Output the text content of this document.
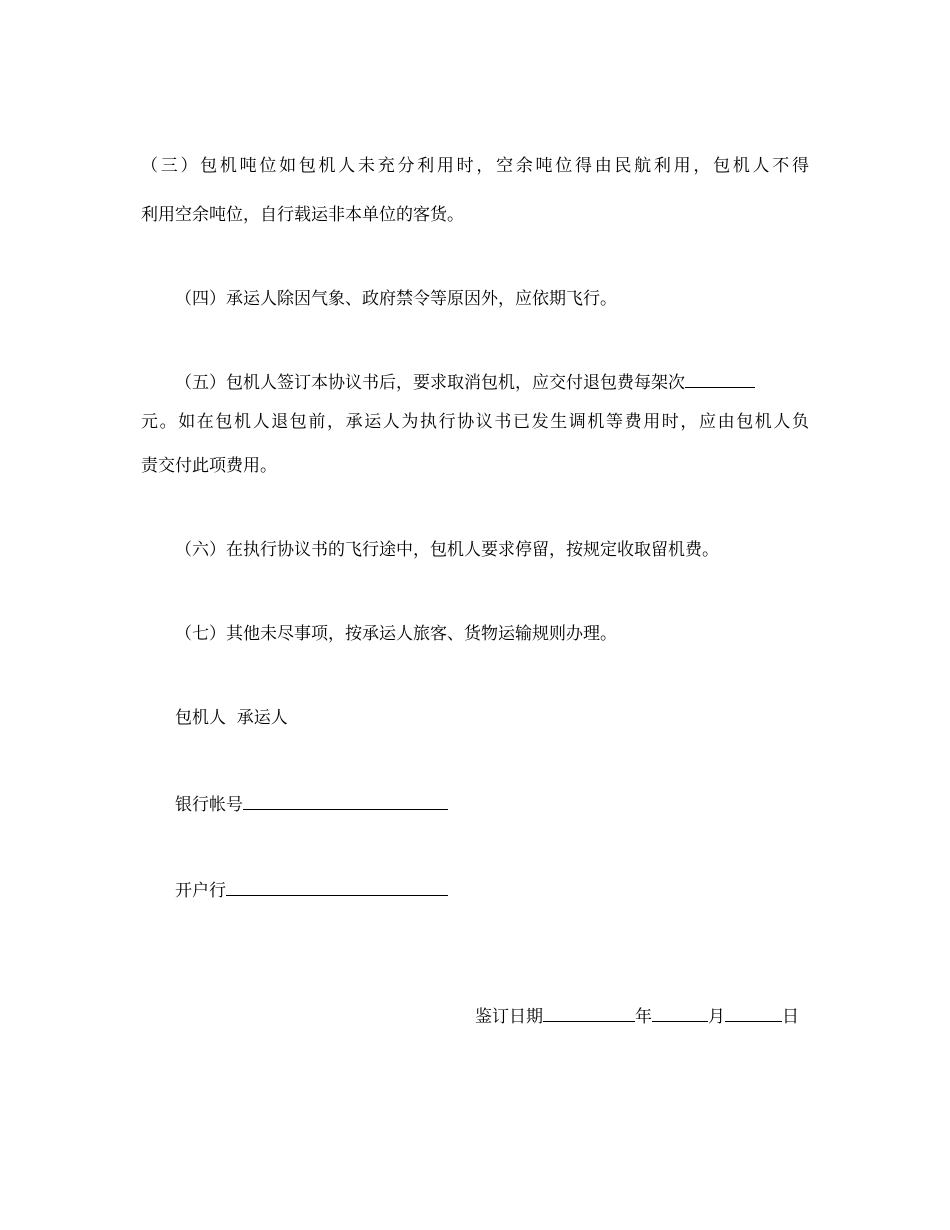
（三）包机吨位如包机人未充分利用时，空余吨位得由民航利用，包机人不得
利用空余吨位，自行载运非本单位的客货。
（四）承运人除因气象、政府禁令等原因外，应依期飞行。
（五）包机人签订本协议书后，要求取消包机，应交付退包费每架次
元。如在包机人退包前，承运人为执行协议书已发生调机等费用时，应由包机人负
责交付此项费用。
（六）在执行协议书的飞行途中，包机人要求停留，按规定收取留机费。
（七）其他未尽事项，按承运人旅客、货物运输规则办理。
包机人  承运人
银行帐号
开户行
鉴订日期	年	月	日
